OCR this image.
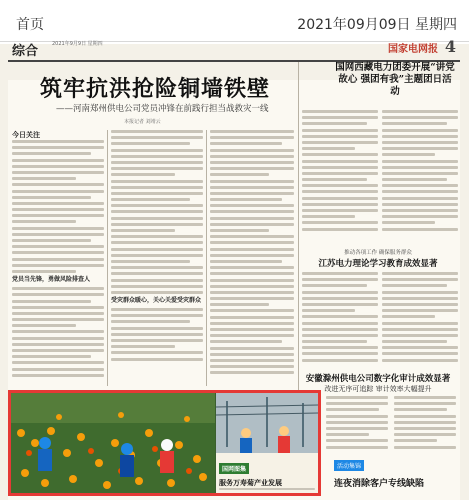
首页	2021年09月09日 星期四
综合	2021年9月9日 星期四	国家电网报 4
筑牢抗洪抢险铜墙铁壁
——河南郑州供电公司党员冲锋在前践行担当战救灾一线
本报记者 刘靖云
今日关注
党员当先锋，勇做风险排查人
受灾群众暖心，关心关爱受灾群众
国网西藏电力团委开展“讲党故心 强团有我”主题团日活动
推动各项工作 确保服务群众
江苏电力理论学习教育成效显著
安徽滁州供电公司数字化审计成效显著
改进无序可追踪 审计效率大幅提升
国网图集
服务万寿菊产业发展
活动集锦
连夜消除客户专线缺陷
